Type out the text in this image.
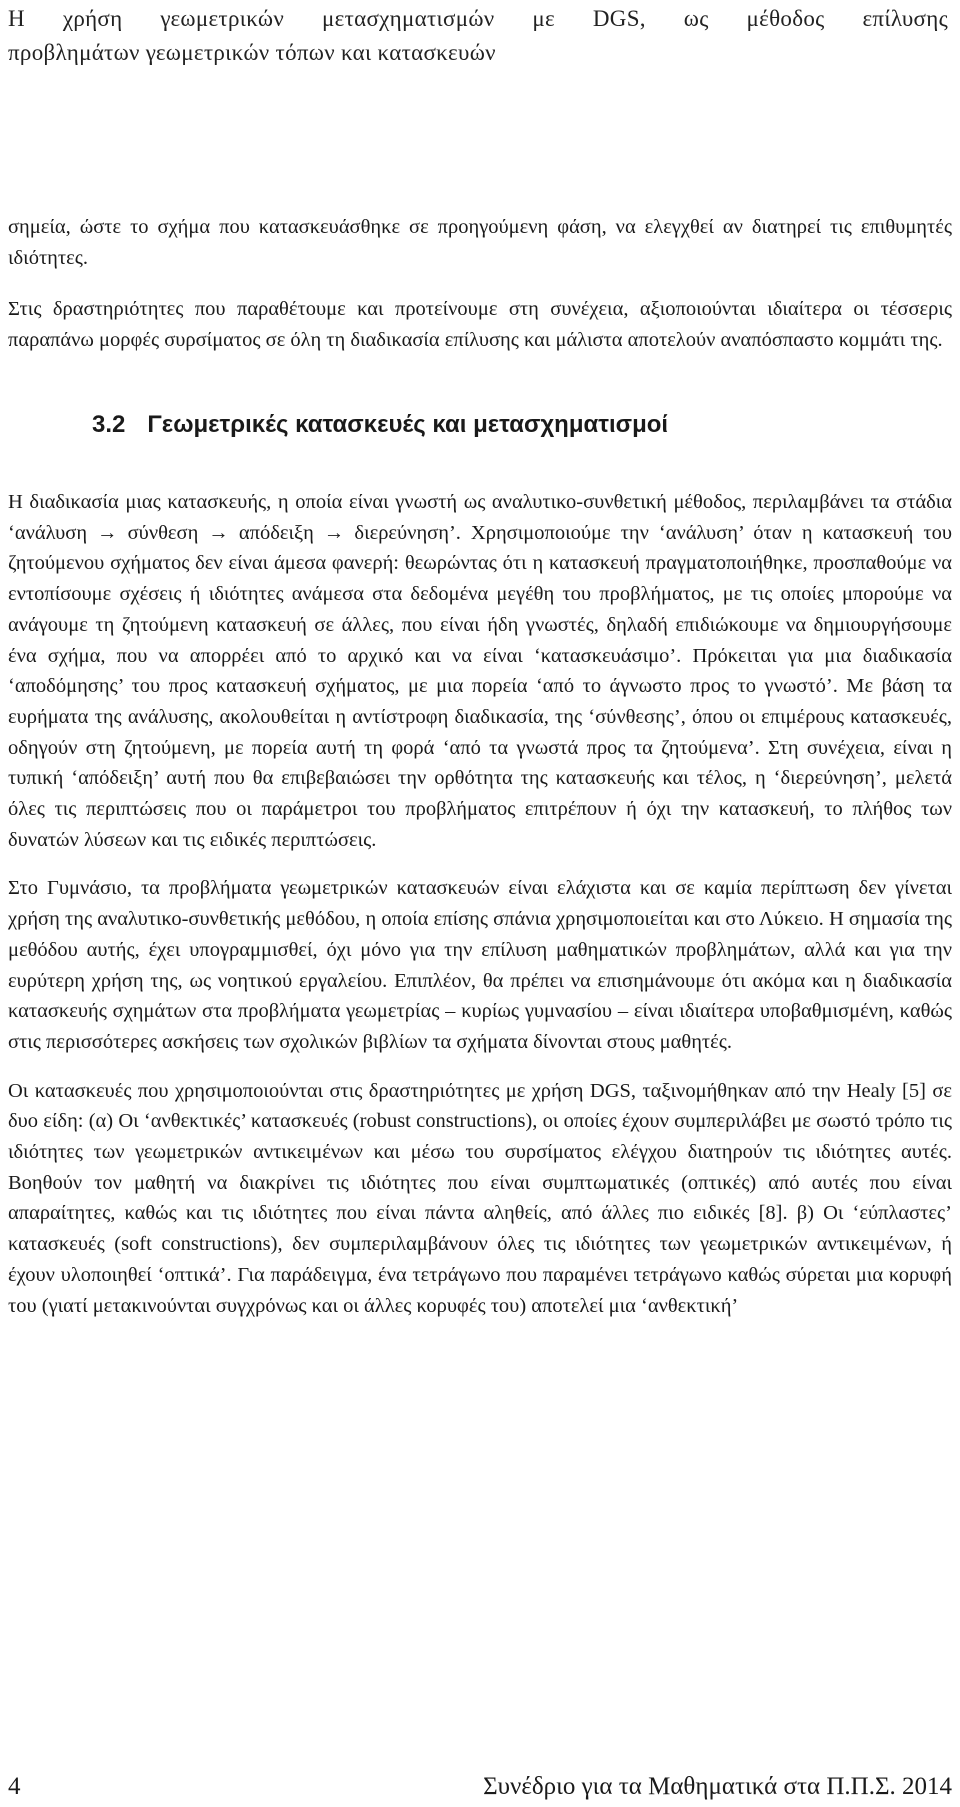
Η χρήση γεωμετρικών μετασχηματισμών με DGS, ως μέθοδος επίλυσης
προβλημάτων γεωμετρικών τόπων και κατασκευών

σημεία, ώστε το σχήμα που κατασκευάσθηκε σε προηγούμενη φάση, να ελεγχθεί αν διατηρεί τις επιθυμητές ιδιότητες.

Στις δραστηριότητες που παραθέτουμε και προτείνουμε στη συνέχεια, αξιοποιούνται ιδιαίτερα οι τέσσερις παραπάνω μορφές συρσίματος σε όλη τη διαδικασία επίλυσης και μάλιστα αποτελούν αναπόσπαστο κομμάτι της.

3.2 Γεωμετρικές κατασκευές και μετασχηματισμοί

Η διαδικασία μιας κατασκευής, η οποία είναι γνωστή ως αναλυτικο-συνθετική μέθοδος, περιλαμβάνει τα στάδια ‘ανάλυση → σύνθεση → απόδειξη → διερεύνηση’. Χρησιμοποιούμε την ‘ανάλυση’ όταν η κατασκευή του ζητούμενου σχήματος δεν είναι άμεσα φανερή: θεωρώντας ότι η κατασκευή πραγματοποιήθηκε, προσπαθούμε να εντοπίσουμε σχέσεις ή ιδιότητες ανάμεσα στα δεδομένα μεγέθη του προβλήματος, με τις οποίες μπορούμε να ανάγουμε τη ζητούμενη κατασκευή σε άλλες, που είναι ήδη γνωστές, δηλαδή επιδιώκουμε να δημιουργήσουμε ένα σχήμα, που να απορρέει από το αρχικό και να είναι ‘κατασκευάσιμο’. Πρόκειται για μια διαδικασία ‘αποδόμησης’ του προς κατασκευή σχήματος, με μια πορεία ‘από το άγνωστο προς το γνωστό’. Με βάση τα ευρήματα της ανάλυσης, ακολουθείται η αντίστροφη διαδικασία, της ‘σύνθεσης’, όπου οι επιμέρους κατασκευές, οδηγούν στη ζητούμενη, με πορεία αυτή τη φορά ‘από τα γνωστά προς τα ζητούμενα’. Στη συνέχεια, είναι η τυπική ‘απόδειξη’ αυτή που θα επιβεβαιώσει την ορθότητα της κατασκευής και τέλος, η ‘διερεύνηση’, μελετά όλες τις περιπτώσεις που οι παράμετροι του προβλήματος επιτρέπουν ή όχι την κατασκευή, το πλήθος των δυνατών λύσεων και τις ειδικές περιπτώσεις.

Στο Γυμνάσιο, τα προβλήματα γεωμετρικών κατασκευών είναι ελάχιστα και σε καμία περίπτωση δεν γίνεται χρήση της αναλυτικο-συνθετικής μεθόδου, η οποία επίσης σπάνια χρησιμοποιείται και στο Λύκειο. Η σημασία της μεθόδου αυτής, έχει υπογραμμισθεί, όχι μόνο για την επίλυση μαθηματικών προβλημάτων, αλλά και για την ευρύτερη χρήση της, ως νοητικού εργαλείου. Επιπλέον, θα πρέπει να επισημάνουμε ότι ακόμα και η διαδικασία κατασκευής σχημάτων στα προβλήματα γεωμετρίας – κυρίως γυμνασίου – είναι ιδιαίτερα υποβαθμισμένη, καθώς στις περισσότερες ασκήσεις των σχολικών βιβλίων τα σχήματα δίνονται στους μαθητές.

Οι κατασκευές που χρησιμοποιούνται στις δραστηριότητες με χρήση DGS, ταξινομήθηκαν από την Healy [5] σε δυο είδη: (α) Οι ‘ανθεκτικές’ κατασκευές (robust constructions), οι οποίες έχουν συμπεριλάβει με σωστό τρόπο τις ιδιότητες των γεωμετρικών αντικειμένων και μέσω του συρσίματος ελέγχου διατηρούν τις ιδιότητες αυτές. Βοηθούν τον μαθητή να διακρίνει τις ιδιότητες που είναι συμπτωματικές (οπτικές) από αυτές που είναι απαραίτητες, καθώς και τις ιδιότητες που είναι πάντα αληθείς, από άλλες πιο ειδικές [8]. β) Οι ‘εύπλαστες’ κατασκευές (soft constructions), δεν συμπεριλαμβάνουν όλες τις ιδιότητες των γεωμετρικών αντικειμένων, ή έχουν υλοποιηθεί ‘οπτικά’. Για παράδειγμα, ένα τετράγωνο που παραμένει τετράγωνο καθώς σύρεται μια κορυφή του (γιατί μετακινούνται συγχρόνως και οι άλλες κορυφές του) αποτελεί μια ‘ανθεκτική’

4	Συνέδριο για τα Μαθηματικά στα Π.Π.Σ. 2014
